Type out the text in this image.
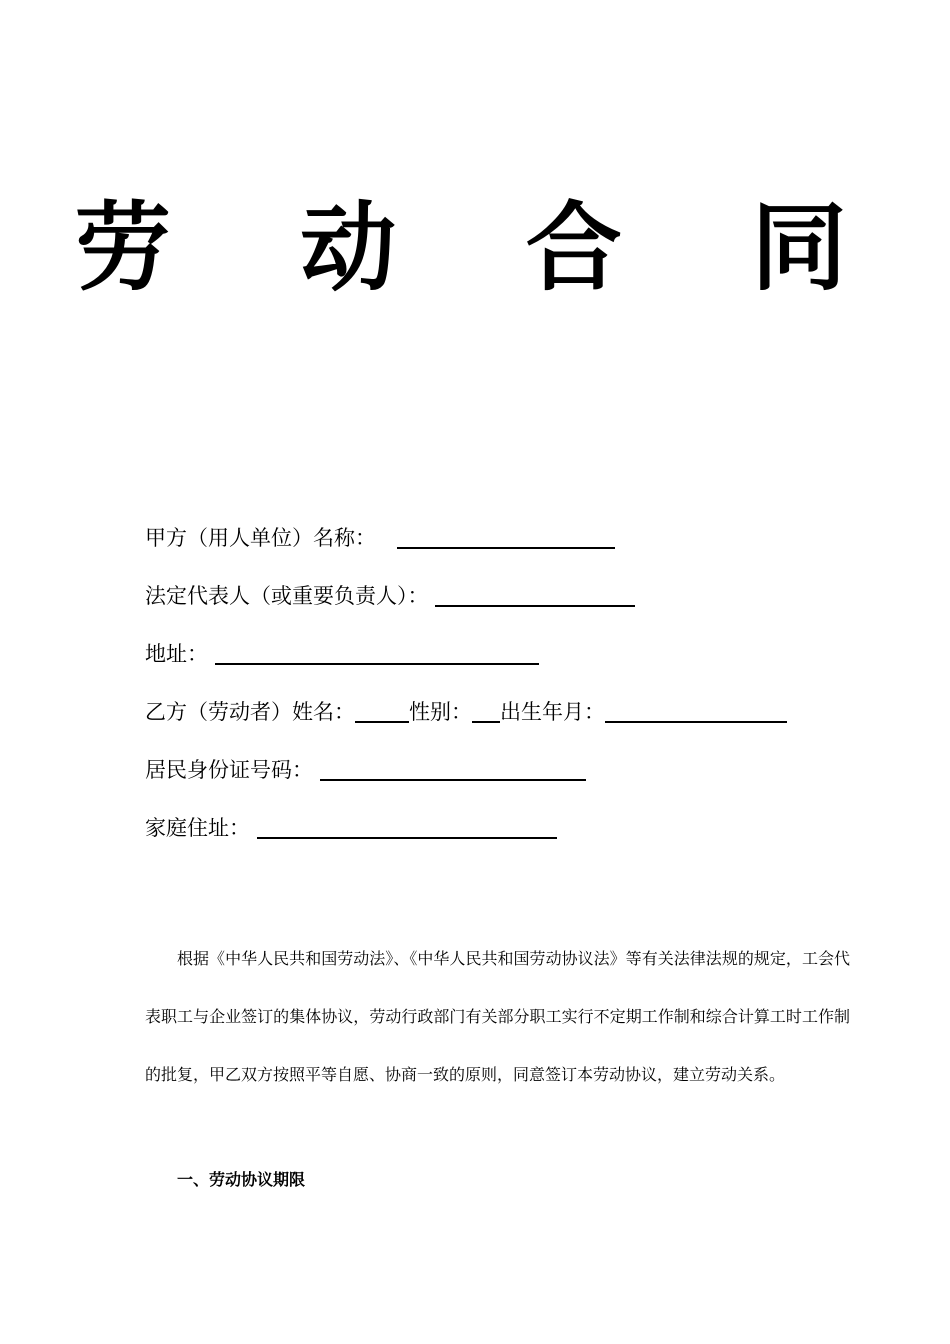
劳 动 合 同
甲方（用人单位）名称：
法定代表人（或重要负责人）：
地址：
乙方（劳动者）姓名：	性别： 出生年月：
居民身份证号码：
家庭住址：

根据《中华人民共和国劳动法》、《中华人民共和国劳动协议法》等有关法律法规的规定，工会代表职工与企业签订的集体协议，劳动行政部门有关部分职工实行不定期工作制和综合计算工时工作制的批复，甲乙双方按照平等自愿、协商一致的原则，同意签订本劳动协议，建立劳动关系。

一、劳动协议期限
